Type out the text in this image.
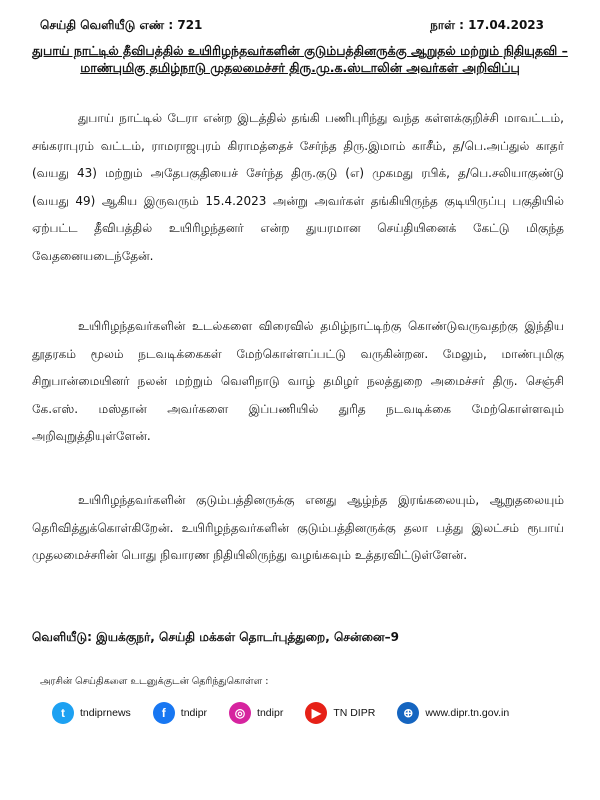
செய்தி வெளியீடு எண் : 721	நாள் : 17.04.2023
துபாய் நாட்டில் தீவிபத்தில் உயிரிழந்தவர்களின் குடும்பத்தினருக்கு ஆறுதல் மற்றும் நிதியுதவி – மாண்புமிகு தமிழ்நாடு முதலமைச்சர் திரு.மு.க.ஸ்டாலின் அவர்கள் அறிவிப்பு
துபாய் நாட்டில் டேரா என்ற இடத்தில் தங்கி பணிபுரிந்து வந்த கள்ளக்குறிச்சி மாவட்டம், சங்கராபுரம் வட்டம், ராமராஜபுரம் கிராமத்தைச் சேர்ந்த திரு.இமாம் காசீம், த/பெ.அப்துல் காதர் (வயது 43) மற்றும் அதேபகுதியைச் சேர்ந்த திரு.குடு (எ) முகமது ரபிக், த/பெ.சலியாகுண்டு (வயது 49) ஆகிய இருவரும் 15.4.2023 அன்று அவர்கள் தங்கியிருந்த குடியிருப்பு பகுதியில் ஏற்பட்ட தீவிபத்தில் உயிரிழந்தனர் என்ற துயரமான செய்தியினைக் கேட்டு மிகுந்த வேதனையடைந்தேன்.
உயிரிழந்தவர்களின் உடல்களை விரைவில் தமிழ்நாட்டிற்கு கொண்டுவருவதற்கு இந்திய தூதரகம் மூலம் நடவடிக்கைகள் மேற்கொள்ளப்பட்டு வருகின்றன. மேலும், மாண்புமிகு சிறுபான்மையினர் நலன் மற்றும் வெளிநாடு வாழ் தமிழர் நலத்துறை அமைச்சர் திரு. செஞ்சி கே.எஸ். மஸ்தான் அவர்களை இப்பணியில் துரித நடவடிக்கை மேற்கொள்ளவும் அறிவுறுத்தியுள்ளேன்.
உயிரிழந்தவர்களின் குடும்பத்தினருக்கு எனது ஆழ்ந்த இரங்கலையும், ஆறுதலையும் தெரிவித்துக்கொள்கிறேன். உயிரிழந்தவர்களின் குடும்பத்தினருக்கு தலா பத்து இலட்சம் ரூபாய் முதலமைச்சரின் பொது நிவாரண நிதியிலிருந்து வழங்கவும் உத்தரவிட்டுள்ளேன்.
வெளியீடு: இயக்குநர், செய்தி மக்கள் தொடர்புத்துறை, சென்னை–9
அரசின் செய்திகளை உடனுக்குடன் தெரிந்துகொள்ள :
t	tndiprnews	f	tndipr	◎	tndipr	▶	TN DIPR	⊕	www.dipr.tn.gov.in
